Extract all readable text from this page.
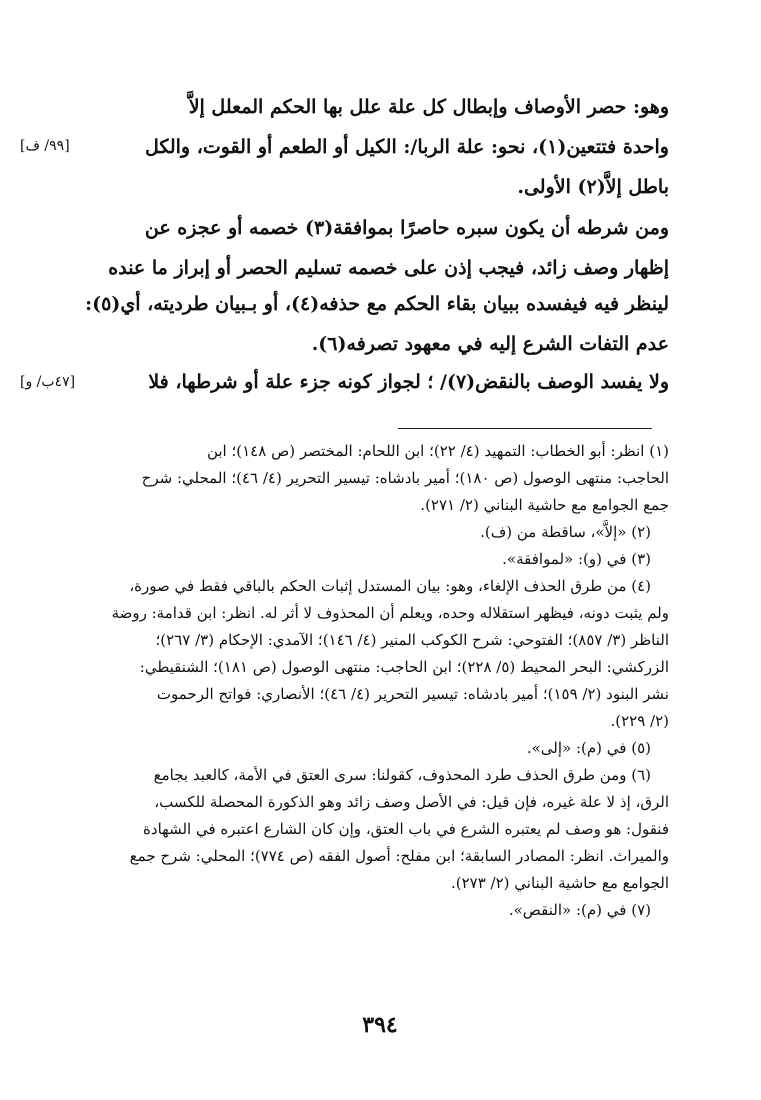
وهو: حصر الأوصاف وإبطال كل علة علل بها الحكم المعلل إلاَّ
واحدة فتتعين(١)، نحو: علة الربا/: الكيل أو الطعم أو القوت، والكل
باطل إلاَّ(٢) الأولى.
ومن شرطه أن يكون سبره حاصرًا بموافقة(٣) خصمه أو عجزه عن
إظهار وصف زائد، فيجب إذن على خصمه تسليم الحصر أو إبراز ما عنده
لينظر فيه فيفسده ببيان بقاء الحكم مع حذفه(٤)، أو بـبيان طرديته، أي(٥):
عدم التفات الشرع إليه في معهود تصرفه(٦).
ولا يفسد الوصف بالنقض(٧)/ ؛ لجواز كونه جزء علة أو شرطها، فلا
[٩٩/ ف]
[٤٧ب/ و]
(١) انظر: أبو الخطاب: التمهيد (٤/ ٢٢)؛ ابن اللحام: المختصر (ص ١٤٨)؛ ابن
الحاجب: منتهى الوصول (ص ١٨٠)؛ أمير بادشاه: تيسير التحرير (٤/ ٤٦)؛ المحلي: شرح
جمع الجوامع مع حاشية البناني (٢/ ٢٧١).
(٢) «إلاَّ»، ساقطة من (ف).
(٣) في (و): «لموافقة».
(٤) من طرق الحذف الإلغاء، وهو: بيان المستدل إثبات الحكم بالباقي فقط في صورة،
ولم يثبت دونه، فيظهر استقلاله وحده، ويعلم أن المحذوف لا أثر له. انظر: ابن قدامة: روضة
الناظر (٣/ ٨٥٧)؛ الفتوحي: شرح الكوكب المنير (٤/ ١٤٦)؛ الآمدي: الإحكام (٣/ ٢٦٧)؛
الزركشي: البحر المحيط (٥/ ٢٢٨)؛ ابن الحاجب: منتهى الوصول (ص ١٨١)؛ الشنقيطي:
نشر البنود (٢/ ١٥٩)؛ أمير بادشاه: تيسير التحرير (٤/ ٤٦)؛ الأنصاري: فواتح الرحموت
(٢/ ٢٢٩).
(٥) في (م): «إلى».
(٦) ومن طرق الحذف طرد المحذوف، كقولنا: سرى العتق في الأمة، كالعبد بجامع
الرق، إذ لا علة غيره، فإن قيل: في الأصل وصف زائد وهو الذكورة المحصلة للكسب،
فنقول: هو وصف لم يعتبره الشرع في باب العتق، وإن كان الشارع اعتبره في الشهادة
والميراث. انظر: المصادر السابقة؛ ابن مفلح: أصول الفقه (ص ٧٧٤)؛ المحلي: شرح جمع
الجوامع مع حاشية البناني (٢/ ٢٧٣).
(٧) في (م): «النقص».
٣٩٤
